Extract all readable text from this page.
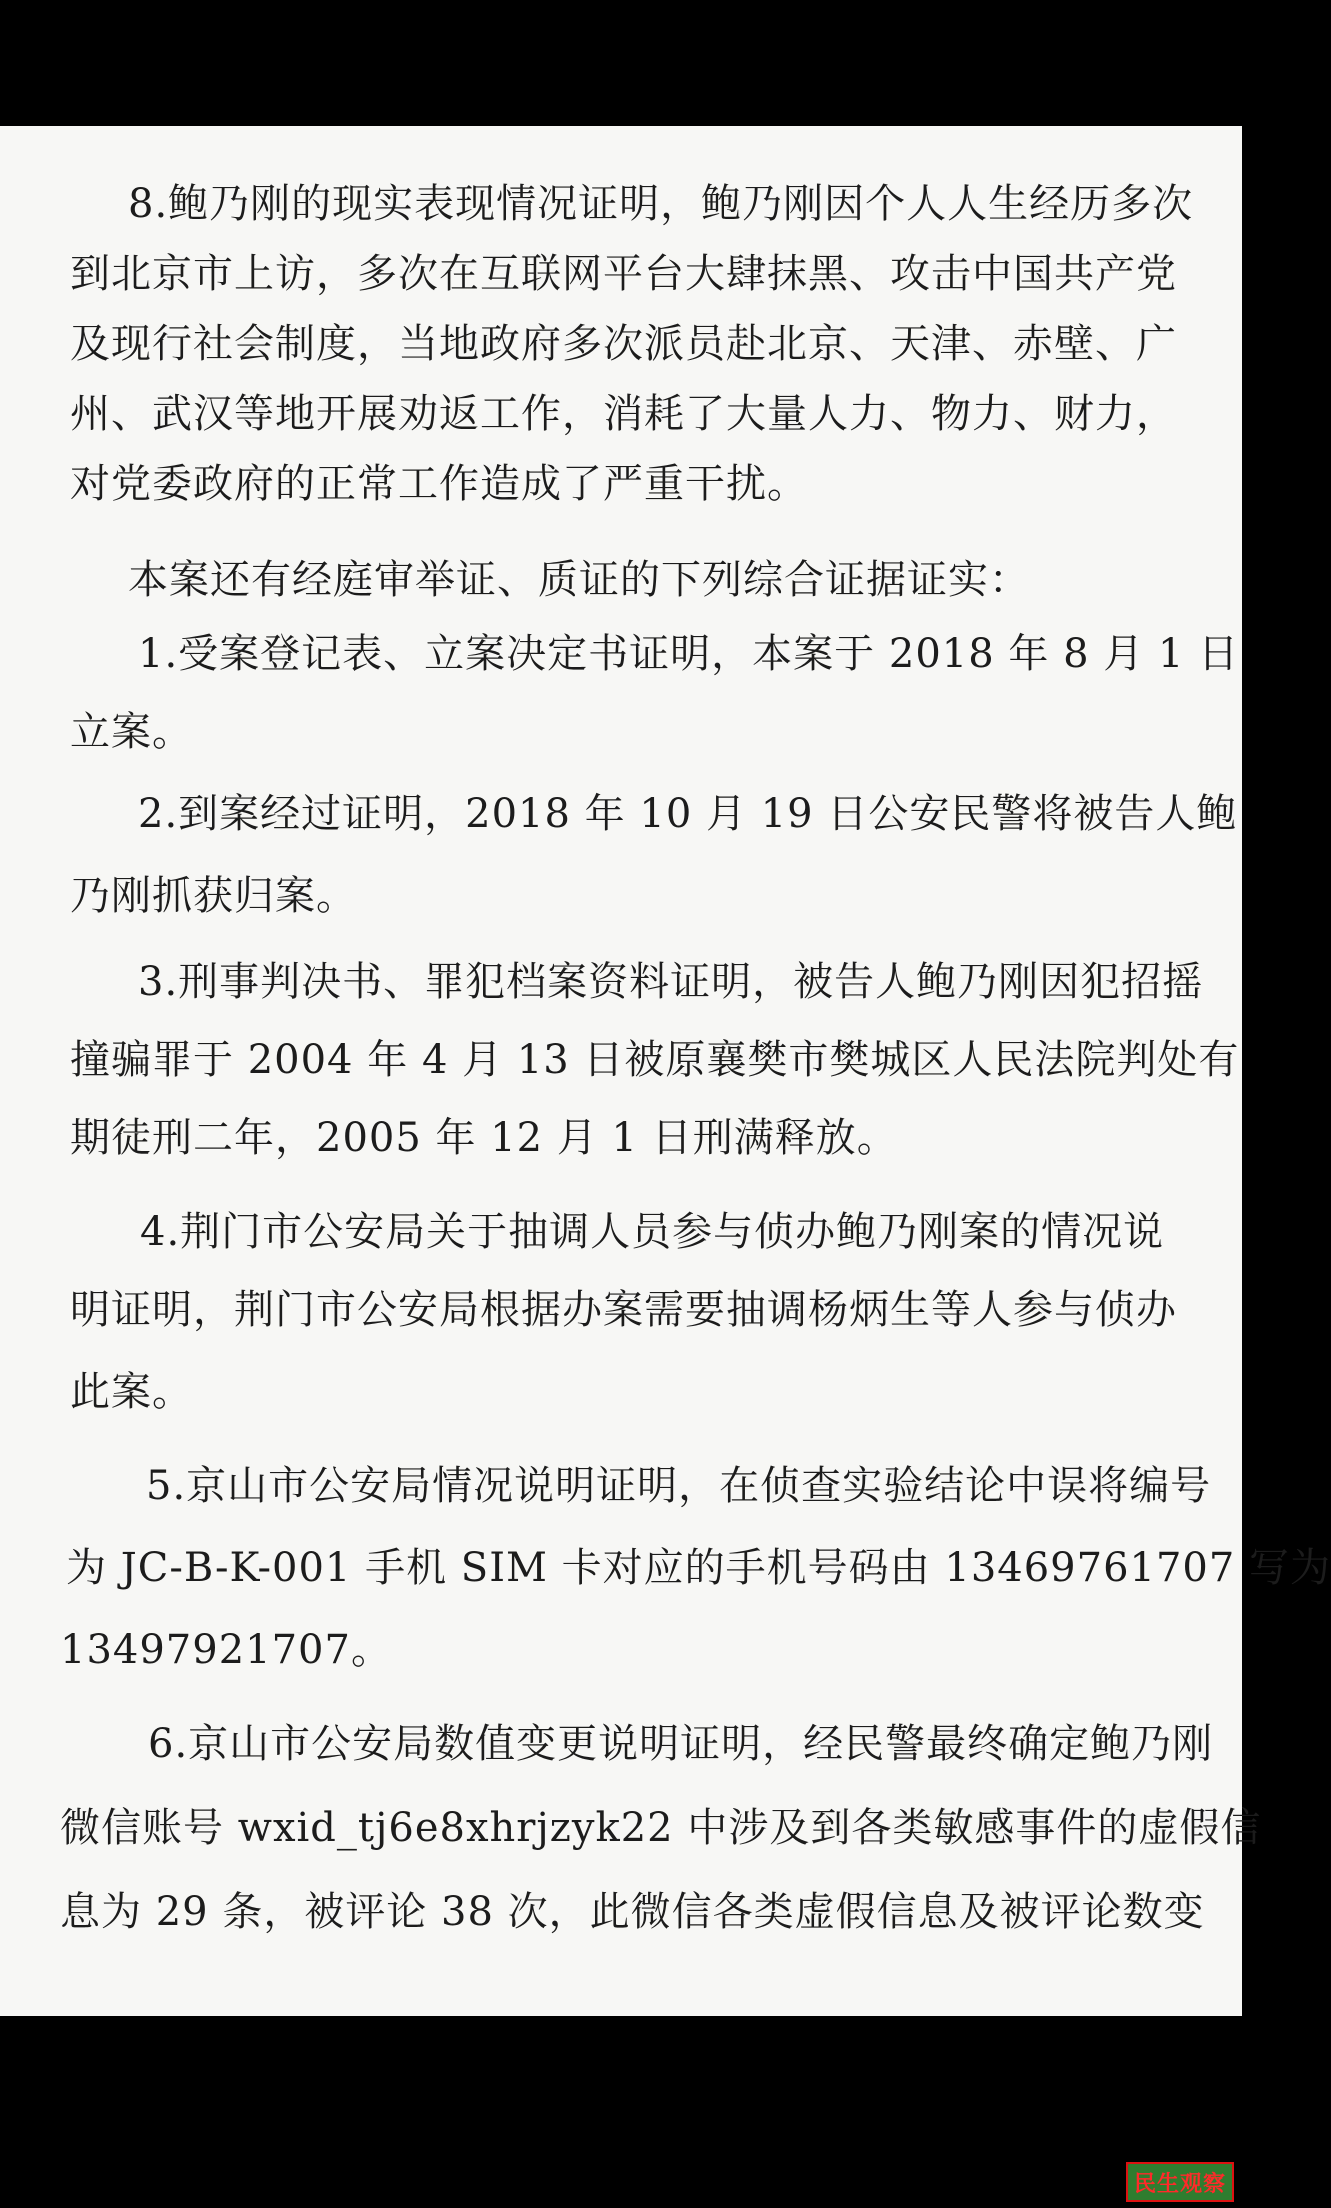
8.鲍乃刚的现实表现情况证明，鲍乃刚因个人人生经历多次
到北京市上访，多次在互联网平台大肆抹黑、攻击中国共产党
及现行社会制度，当地政府多次派员赴北京、天津、赤壁、广
州、武汉等地开展劝返工作，消耗了大量人力、物力、财力，
对党委政府的正常工作造成了严重干扰。
本案还有经庭审举证、质证的下列综合证据证实：
1.受案登记表、立案决定书证明，本案于 2018 年 8 月 1 日
立案。
2.到案经过证明，2018 年 10 月 19 日公安民警将被告人鲍
乃刚抓获归案。
3.刑事判决书、罪犯档案资料证明，被告人鲍乃刚因犯招摇
撞骗罪于 2004 年 4 月 13 日被原襄樊市樊城区人民法院判处有
期徒刑二年，2005 年 12 月 1 日刑满释放。
4.荆门市公安局关于抽调人员参与侦办鲍乃刚案的情况说
明证明，荆门市公安局根据办案需要抽调杨炳生等人参与侦办
此案。
5.京山市公安局情况说明证明，在侦查实验结论中误将编号
为 JC-B-K-001 手机 SIM 卡对应的手机号码由 13469761707 写为
13497921707。
6.京山市公安局数值变更说明证明，经民警最终确定鲍乃刚
微信账号 wxid_tj6e8xhrjzyk22 中涉及到各类敏感事件的虚假信
息为 29 条，被评论 38 次，此微信各类虚假信息及被评论数变
民生观察
